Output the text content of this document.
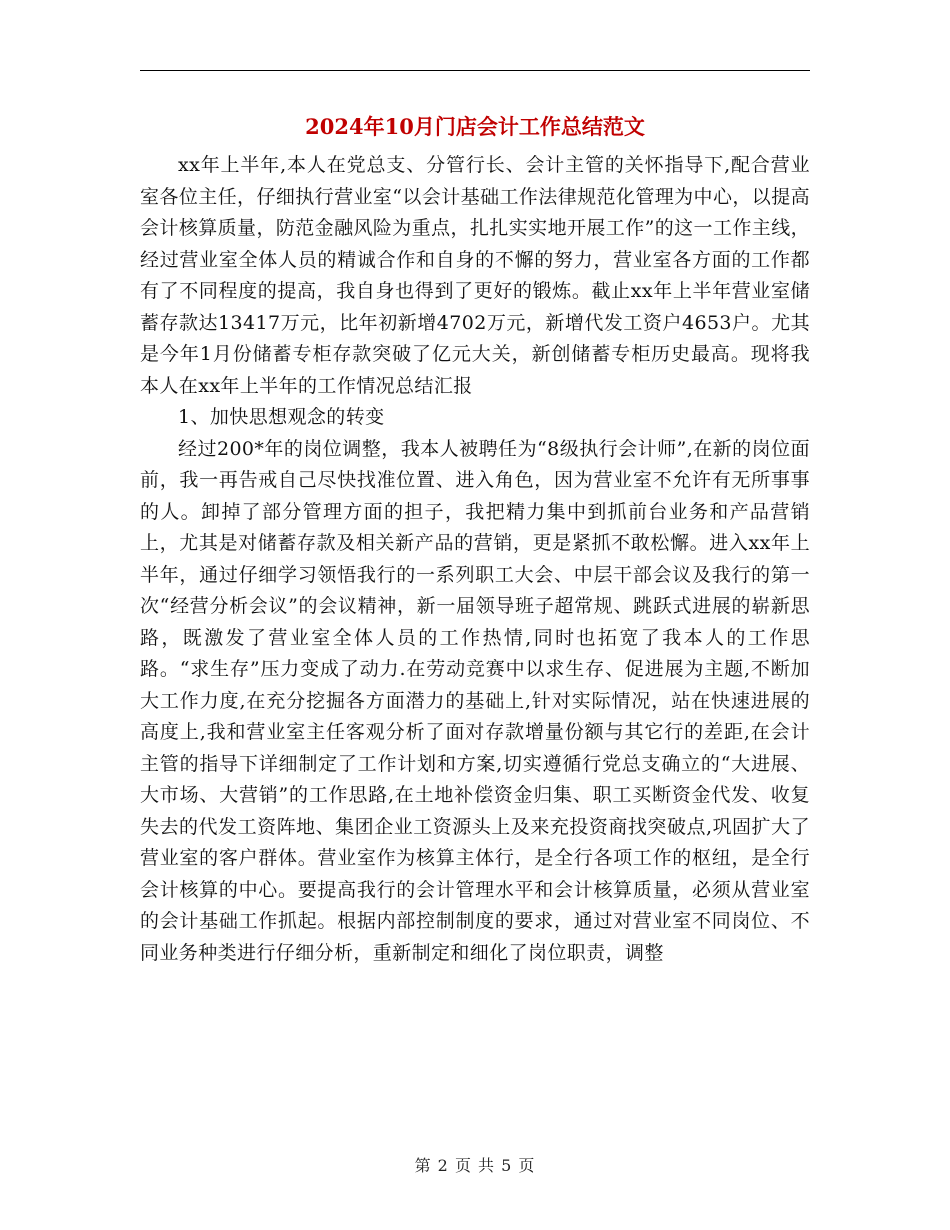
2024年10月门店会计工作总结范文

xx年上半年,本人在党总支、分管行长、会计主管的关怀指导下,配合营业室各位主任，仔细执行营业室“以会计基础工作法律规范化管理为中心，以提高会计核算质量，防范金融风险为重点，扎扎实实地开展工作”的这一工作主线，经过营业室全体人员的精诚合作和自身的不懈的努力，营业室各方面的工作都有了不同程度的提高，我自身也得到了更好的锻炼。截止xx年上半年营业室储蓄存款达13417万元，比年初新增4702万元，新增代发工资户4653户。尤其是今年1月份储蓄专柜存款突破了亿元大关，新创储蓄专柜历史最高。现将我本人在xx年上半年的工作情况总结汇报

1、加快思想观念的转变

经过200*年的岗位调整，我本人被聘任为“8级执行会计师”,在新的岗位面前，我一再告戒自己尽快找准位置、进入角色，因为营业室不允许有无所事事的人。卸掉了部分管理方面的担子，我把精力集中到抓前台业务和产品营销上，尤其是对储蓄存款及相关新产品的营销，更是紧抓不敢松懈。进入xx年上半年，通过仔细学习领悟我行的一系列职工大会、中层干部会议及我行的第一次“经营分析会议”的会议精神，新一届领导班子超常规、跳跃式进展的崭新思路，既激发了营业室全体人员的工作热情,同时也拓宽了我本人的工作思路。“求生存”压力变成了动力.在劳动竞赛中以求生存、促进展为主题,不断加大工作力度,在充分挖掘各方面潜力的基础上,针对实际情况，站在快速进展的高度上,我和营业室主任客观分析了面对存款增量份额与其它行的差距,在会计主管的指导下详细制定了工作计划和方案,切实遵循行党总支确立的“大进展、大市场、大营销”的工作思路,在土地补偿资金归集、职工买断资金代发、收复失去的代发工资阵地、集团企业工资源头上及来充投资商找突破点,巩固扩大了营业室的客户群体。营业室作为核算主体行，是全行各项工作的枢纽，是全行会计核算的中心。要提高我行的会计管理水平和会计核算质量，必须从营业室的会计基础工作抓起。根据内部控制制度的要求，通过对营业室不同岗位、不同业务种类进行仔细分析，重新制定和细化了岗位职责，调整

第 2 页 共 5 页
